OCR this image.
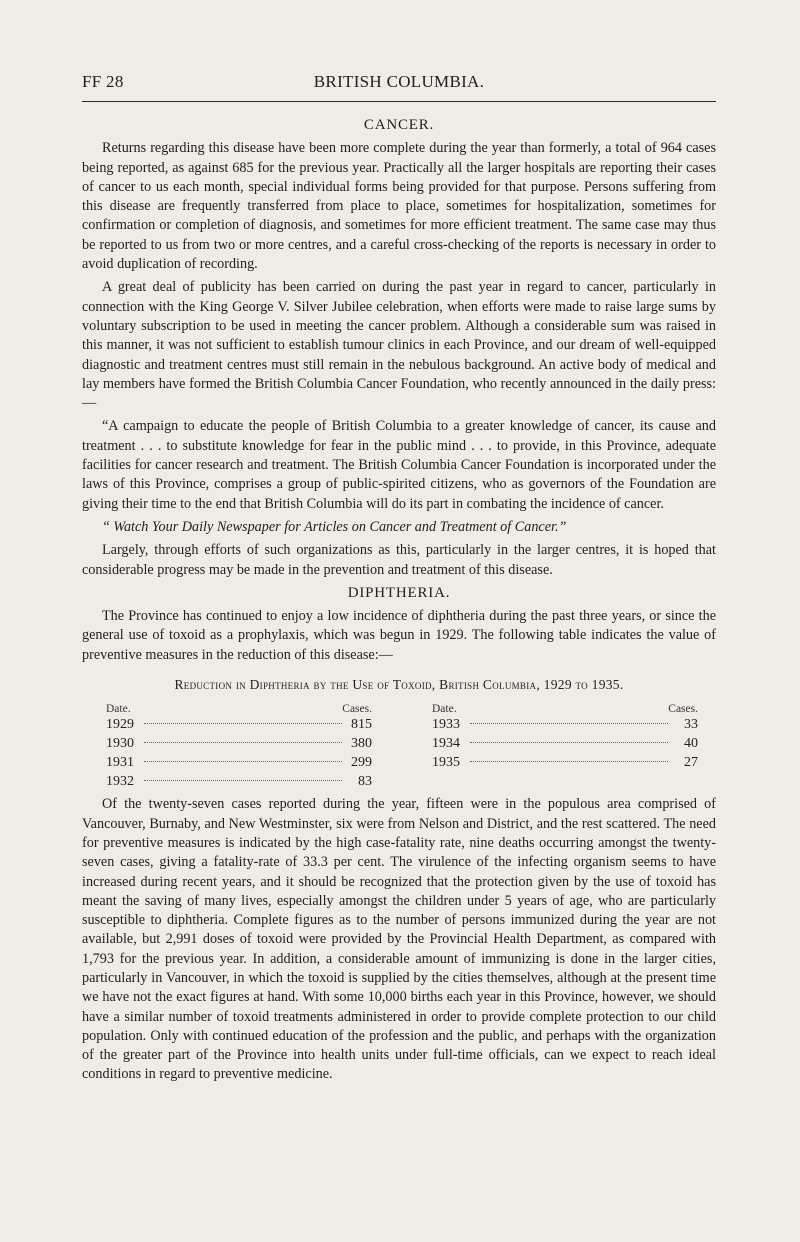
FF 28	BRITISH COLUMBIA.
CANCER.

Returns regarding this disease have been more complete during the year than formerly, a total of 964 cases being reported, as against 685 for the previous year. Practically all the larger hospitals are reporting their cases of cancer to us each month, special individual forms being provided for that purpose. Persons suffering from this disease are frequently transferred from place to place, sometimes for hospitalization, sometimes for confirmation or completion of diagnosis, and sometimes for more efficient treatment. The same case may thus be reported to us from two or more centres, and a careful cross-checking of the reports is necessary in order to avoid duplication of recording.

A great deal of publicity has been carried on during the past year in regard to cancer, particularly in connection with the King George V. Silver Jubilee celebration, when efforts were made to raise large sums by voluntary subscription to be used in meeting the cancer problem. Although a considerable sum was raised in this manner, it was not sufficient to establish tumour clinics in each Province, and our dream of well-equipped diagnostic and treatment centres must still remain in the nebulous background. An active body of medical and lay members have formed the British Columbia Cancer Foundation, who recently announced in the daily press:—

“A campaign to educate the people of British Columbia to a greater knowledge of cancer, its cause and treatment . . . to substitute knowledge for fear in the public mind . . . to provide, in this Province, adequate facilities for cancer research and treatment. The British Columbia Cancer Foundation is incorporated under the laws of this Province, comprises a group of public-spirited citizens, who as governors of the Foundation are giving their time to the end that British Columbia will do its part in combating the incidence of cancer.

“ Watch Your Daily Newspaper for Articles on Cancer and Treatment of Cancer.”

Largely, through efforts of such organizations as this, particularly in the larger centres, it is hoped that considerable progress may be made in the prevention and treatment of this disease.

DIPHTHERIA.

The Province has continued to enjoy a low incidence of diphtheria during the past three years, or since the general use of toxoid as a prophylaxis, which was begun in 1929. The following table indicates the value of preventive measures in the reduction of this disease:—

Reduction in Diphtheria by the Use of Toxoid, British Columbia, 1929 to 1935.
Date.	Cases.
1929	815
1930	380
1931	299
1932	83
Date.	Cases.
1933	33
1934	40
1935	27

Of the twenty-seven cases reported during the year, fifteen were in the populous area comprised of Vancouver, Burnaby, and New Westminster, six were from Nelson and District, and the rest scattered. The need for preventive measures is indicated by the high case-fatality rate, nine deaths occurring amongst the twenty-seven cases, giving a fatality-rate of 33.3 per cent. The virulence of the infecting organism seems to have increased during recent years, and it should be recognized that the protection given by the use of toxoid has meant the saving of many lives, especially amongst the children under 5 years of age, who are particularly susceptible to diphtheria. Complete figures as to the number of persons immunized during the year are not available, but 2,991 doses of toxoid were provided by the Provincial Health Department, as compared with 1,793 for the previous year. In addition, a considerable amount of immunizing is done in the larger cities, particularly in Vancouver, in which the toxoid is supplied by the cities themselves, although at the present time we have not the exact figures at hand. With some 10,000 births each year in this Province, however, we should have a similar number of toxoid treatments administered in order to provide complete protection to our child population. Only with continued education of the profession and the public, and perhaps with the organization of the greater part of the Province into health units under full-time officials, can we expect to reach ideal conditions in regard to preventive medicine.
